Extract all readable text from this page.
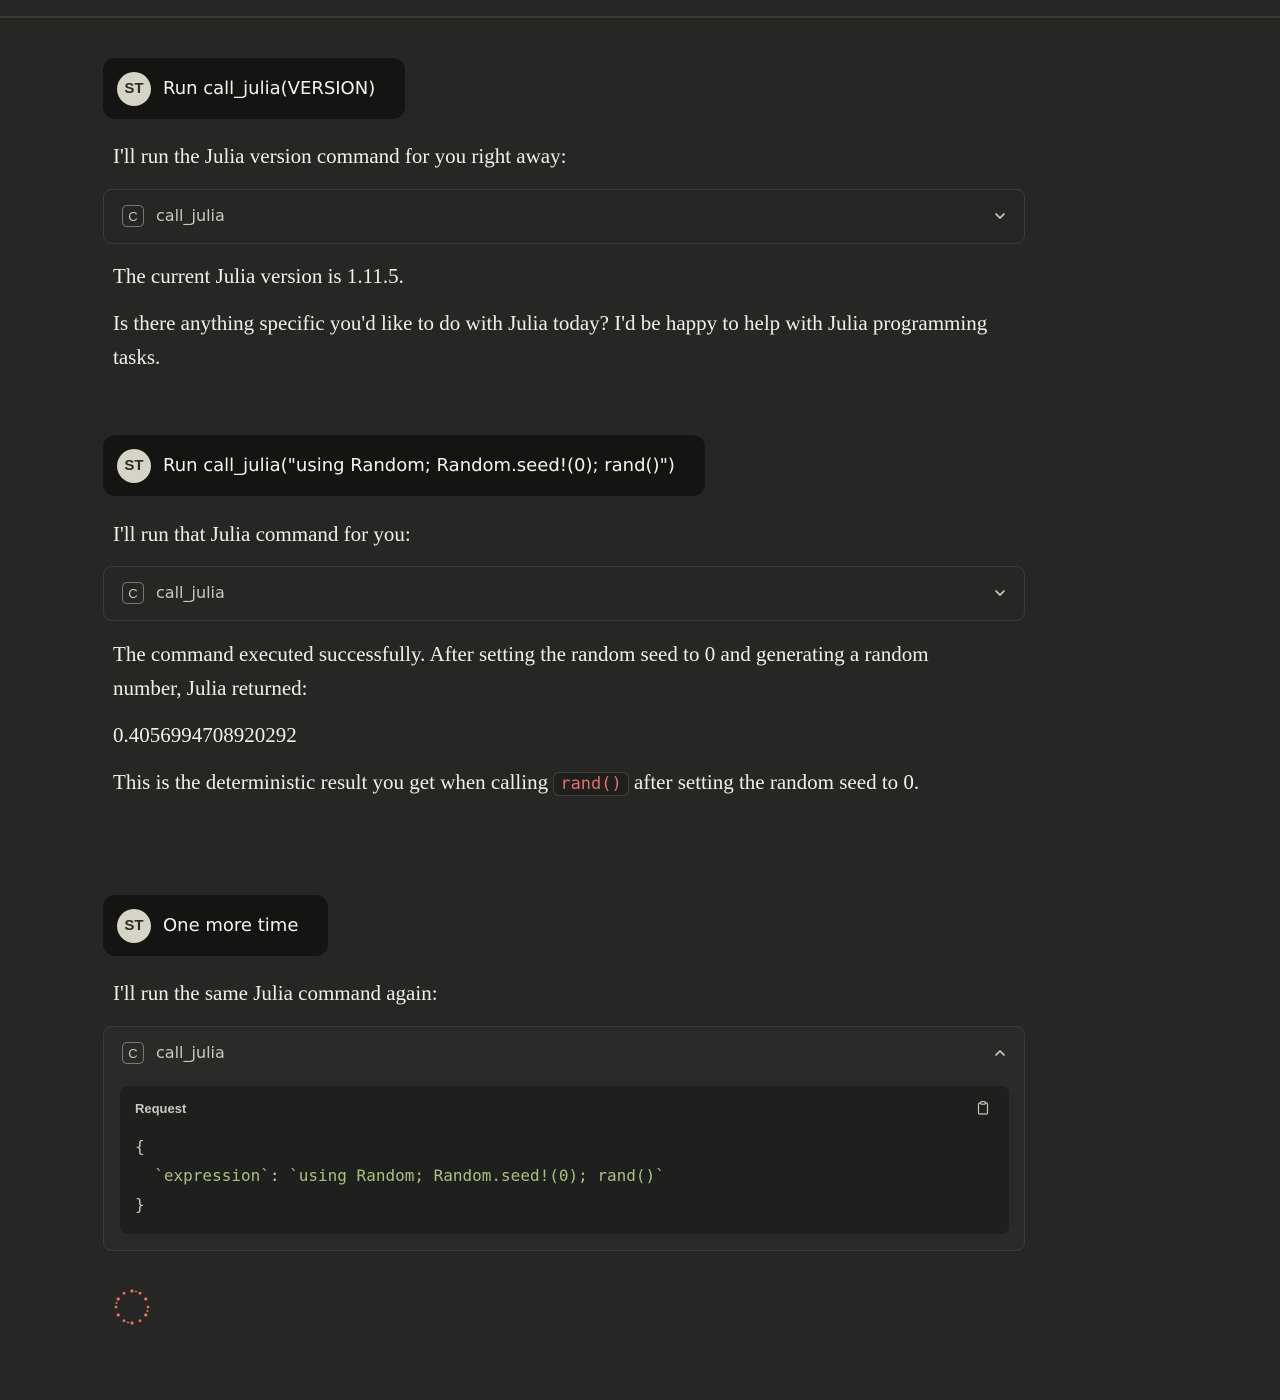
ST	Run call_julia(VERSION)

I'll run the Julia version command for you right away:

C	call_julia

The current Julia version is 1.11.5.

Is there anything specific you'd like to do with Julia today? I'd be happy to help with Julia programming tasks.

ST	Run call_julia("using Random; Random.seed!(0); rand()")

I'll run that Julia command for you:

C	call_julia

The command executed successfully. After setting the random seed to 0 and generating a random number, Julia returned:

0.4056994708920292

This is the deterministic result you get when calling rand() after setting the random seed to 0.

ST	One more time

I'll run the same Julia command again:

C	call_julia
Request
{
`expression`: `using Random; Random.seed!(0); rand()`
}
